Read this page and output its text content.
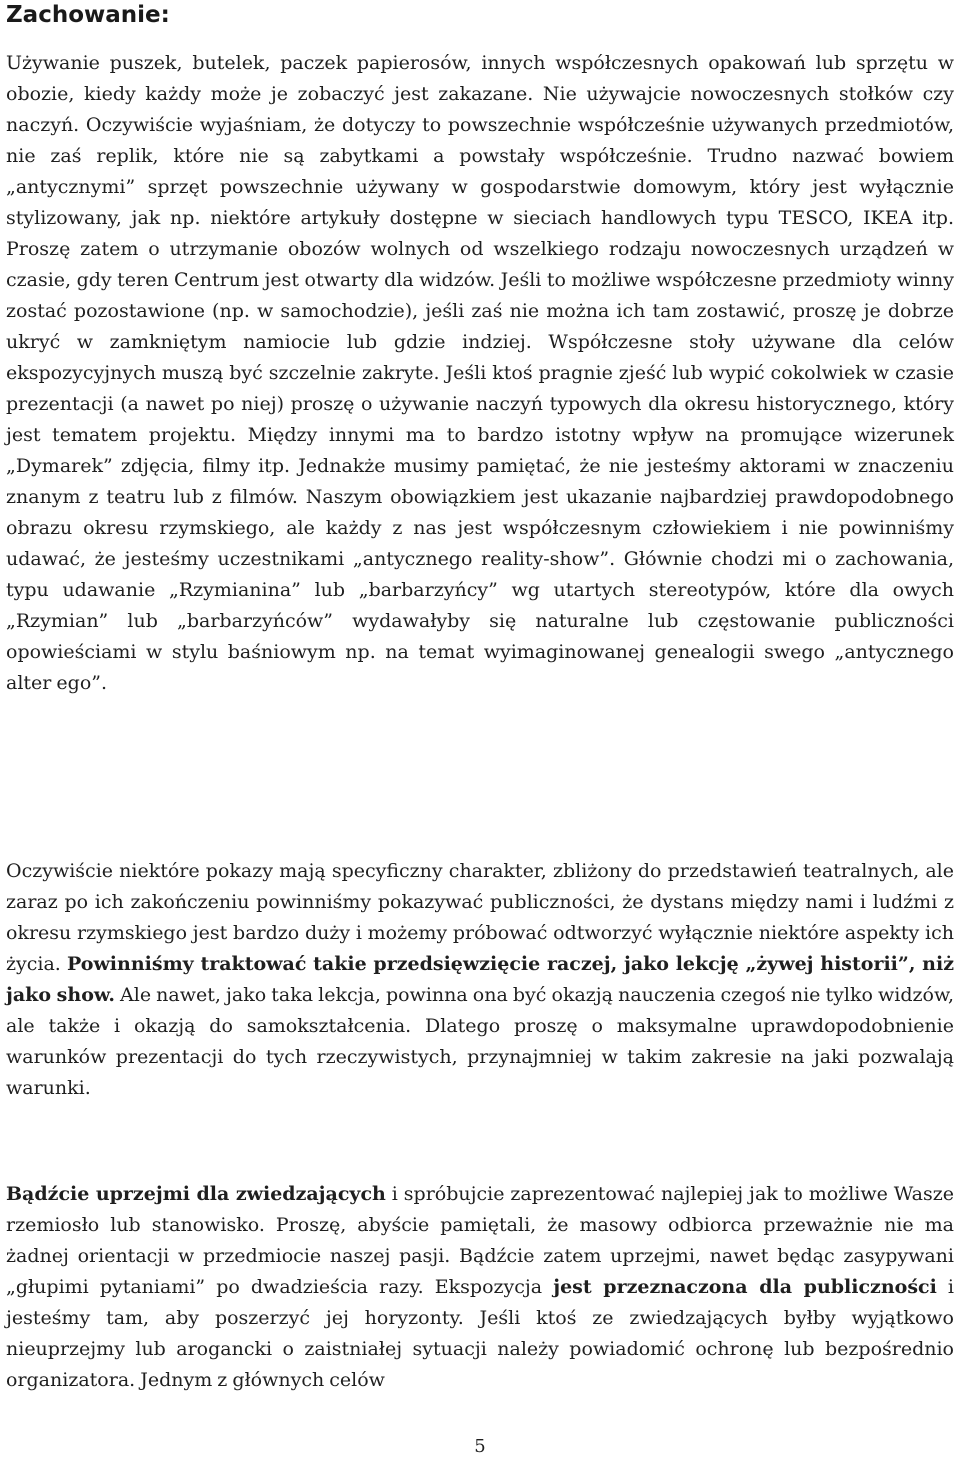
Zachowanie:

Używanie puszek, butelek, paczek papierosów, innych współczesnych opakowań lub sprzętu w obozie, kiedy każdy może je zobaczyć jest zakazane. Nie używajcie nowoczesnych stołków czy naczyń. Oczywiście wyjaśniam, że dotyczy to powszechnie współcześnie używanych przedmiotów, nie zaś replik, które nie są zabytkami a powstały współcześnie. Trudno nazwać bowiem „antycznymi” sprzęt powszechnie używany w gospodarstwie domowym, który jest wyłącznie stylizowany, jak np. niektóre artykuły dostępne w sieciach handlowych typu TESCO, IKEA itp. Proszę zatem o utrzymanie obozów wolnych od wszelkiego rodzaju nowoczesnych urządzeń w czasie, gdy teren Centrum jest otwarty dla widzów. Jeśli to możliwe współczesne przedmioty winny zostać pozostawione (np. w samochodzie), jeśli zaś nie można ich tam zostawić, proszę je dobrze ukryć w zamkniętym namiocie lub gdzie indziej. Współczesne stoły używane dla celów ekspozycyjnych muszą być szczelnie zakryte. Jeśli ktoś pragnie zjeść lub wypić cokolwiek w czasie prezentacji (a nawet po niej) proszę o używanie naczyń typowych dla okresu historycznego, który jest tematem projektu. Między innymi ma to bardzo istotny wpływ na promujące wizerunek „Dymarek” zdjęcia, filmy itp. Jednakże musimy pamiętać, że nie jesteśmy aktorami w znaczeniu znanym z teatru lub z filmów. Naszym obowiązkiem jest ukazanie najbardziej prawdopodobnego obrazu okresu rzymskiego, ale każdy z nas jest współczesnym człowiekiem i nie powinniśmy udawać, że jesteśmy uczestnikami „antycznego reality-show”. Głównie chodzi mi o zachowania, typu udawanie „Rzymianina” lub „barbarzyńcy” wg utartych stereotypów, które dla owych „Rzymian” lub „barbarzyńców” wydawałyby się naturalne lub częstowanie publiczności opowieściami w stylu baśniowym np. na temat wyimaginowanej genealogii swego „antycznego alter ego”.

Oczywiście niektóre pokazy mają specyficzny charakter, zbliżony do przedstawień teatralnych, ale zaraz po ich zakończeniu powinniśmy pokazywać publiczności, że dystans między nami i ludźmi z okresu rzymskiego jest bardzo duży i możemy próbować odtworzyć wyłącznie niektóre aspekty ich życia. Powinniśmy traktować takie przedsięwzięcie raczej, jako lekcję „żywej historii”, niż jako show. Ale nawet, jako taka lekcja, powinna ona być okazją nauczenia czegoś nie tylko widzów, ale także i okazją do samokształcenia. Dlatego proszę o maksymalne uprawdopodobnienie warunków prezentacji do tych rzeczywistych, przynajmniej w takim zakresie na jaki pozwalają warunki.

Bądźcie uprzejmi dla zwiedzających i spróbujcie zaprezentować najlepiej jak to możliwe Wasze rzemiosło lub stanowisko. Proszę, abyście pamiętali, że masowy odbiorca przeważnie nie ma żadnej orientacji w przedmiocie naszej pasji. Bądźcie zatem uprzejmi, nawet będąc zasypywani „głupimi pytaniami” po dwadzieścia razy. Ekspozycja jest przeznaczona dla publiczności i jesteśmy tam, aby poszerzyć jej horyzonty. Jeśli ktoś ze zwiedzających byłby wyjątkowo nieuprzejmy lub arogancki o zaistniałej sytuacji należy powiadomić ochronę lub bezpośrednio organizatora. Jednym z głównych celów

5
